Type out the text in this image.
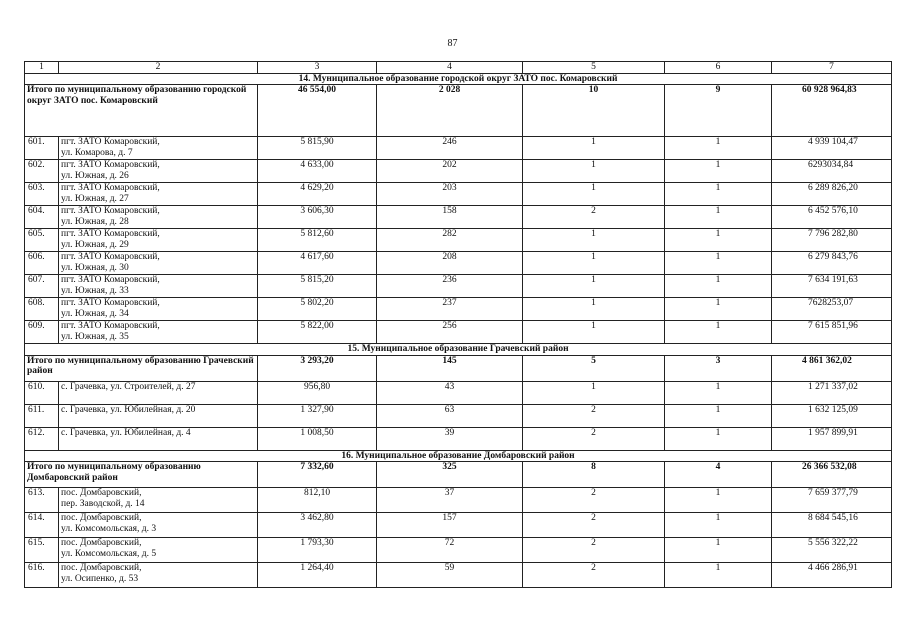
87
1	2	3	4	5	6	7
14. Муниципальное образование городской округ ЗАТО пос. Комаровский						
Итого по муниципальному образованию городской округ ЗАТО пос. Комаровский		46 554,00	2 028	10	9	60 928 964,83
601.	пгт. ЗАТО Комаровский,
ул. Комарова, д. 7	5 815,90	246	1	1	4 939 104,47
602.	пгт. ЗАТО Комаровский,
ул. Южная, д. 26	4 633,00	202	1	1	6293034,84
603.	пгт. ЗАТО Комаровский,
ул. Южная, д. 27	4 629,20	203	1	1	6 289 826,20
604.	пгт. ЗАТО Комаровский,
ул. Южная, д. 28	3 606,30	158	2	1	6 452 576,10
605.	пгт. ЗАТО Комаровский,
ул. Южная, д. 29	5 812,60	282	1	1	7 796 282,80
606.	пгт. ЗАТО Комаровский,
ул. Южная, д. 30	4 617,60	208	1	1	6 279 843,76
607.	пгт. ЗАТО Комаровский,
ул. Южная, д. 33	5 815,20	236	1	1	7 634 191,63
608.	пгт. ЗАТО Комаровский,
ул. Южная, д. 34	5 802,20	237	1	1	7628253,07
609.	пгт. ЗАТО Комаровский,
ул. Южная, д. 35	5 822,00	256	1	1	7 615 851,96
15. Муниципальное образование Грачевский район						
Итого по муниципальному образованию Грачевский район		3 293,20	145	5	3	4 861 362,02
610.	с. Грачевка, ул. Строителей, д. 27	956,80	43	1	1	1 271 337,02
611.	с. Грачевка, ул. Юбилейная, д. 20	1 327,90	63	2	1	1 632 125,09
612.	с. Грачевка, ул. Юбилейная, д. 4	1 008,50	39	2	1	1 957 899,91
16. Муниципальное образование Домбаровский район						
Итого по муниципальному образованию Домбаровский район		7 332,60	325	8	4	26 366 532,08
613.	пос. Домбаровский,
пер. Заводской, д. 14	812,10	37	2	1	7 659 377,79
614.	пос. Домбаровский,
ул. Комсомольская, д. 3	3 462,80	157	2	1	8 684 545,16
615.	пос. Домбаровский,
ул. Комсомольская, д. 5	1 793,30	72	2	1	5 556 322,22
616.	пос. Домбаровский,
ул. Осипенко, д. 53	1 264,40	59	2	1	4 466 286,91
